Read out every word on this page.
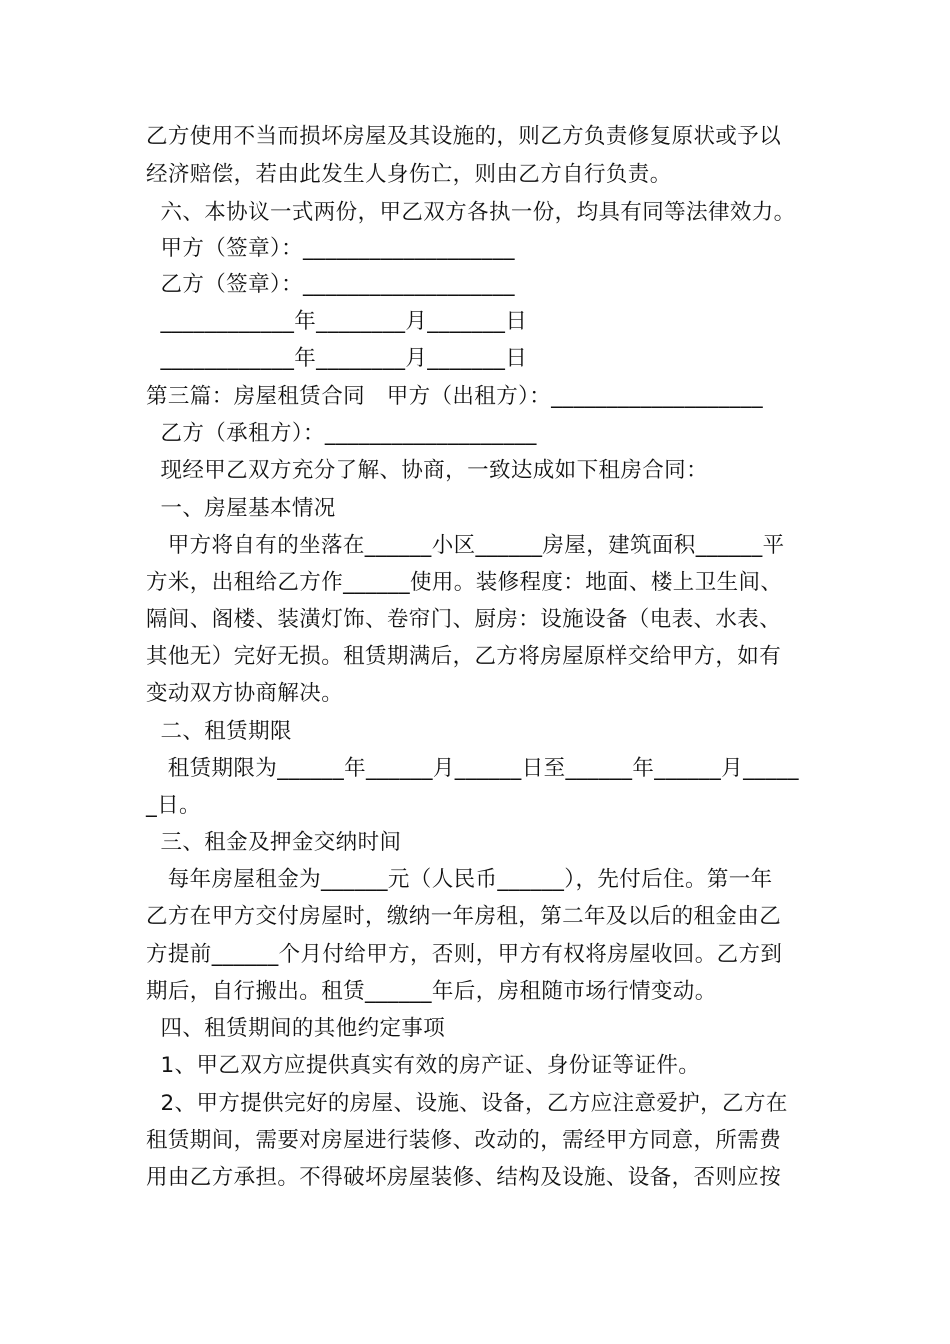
乙方使用不当而损坏房屋及其设施的，则乙方负责修复原状或予以
经济赔偿，若由此发生人身伤亡，则由乙方自行负责。
六、本协议一式两份，甲乙双方各执一份，均具有同等法律效力。
甲方（签章）：___________________
乙方（签章）：___________________
____________年________月_______日
____________年________月_______日
第三篇：房屋租赁合同   甲方（出租方）：___________________
乙方（承租方）：___________________
现经甲乙双方充分了解、协商，一致达成如下租房合同：
一、房屋基本情况
甲方将自有的坐落在______小区______房屋，建筑面积______平
方米，出租给乙方作______使用。装修程度：地面、楼上卫生间、
隔间、阁楼、装潢灯饰、卷帘门、厨房：设施设备（电表、水表、
其他无）完好无损。租赁期满后，乙方将房屋原样交给甲方，如有
变动双方协商解决。
二、租赁期限
租赁期限为______年______月______日至______年______月_____
_日。
三、租金及押金交纳时间
每年房屋租金为______元（人民币______），先付后住。第一年
乙方在甲方交付房屋时，缴纳一年房租，第二年及以后的租金由乙
方提前______个月付给甲方，否则，甲方有权将房屋收回。乙方到
期后，自行搬出。租赁______年后，房租随市场行情变动。
四、租赁期间的其他约定事项
1、甲乙双方应提供真实有效的房产证、身份证等证件。
2、甲方提供完好的房屋、设施、设备，乙方应注意爱护，乙方在
租赁期间，需要对房屋进行装修、改动的，需经甲方同意，所需费
用由乙方承担。不得破坏房屋装修、结构及设施、设备，否则应按
